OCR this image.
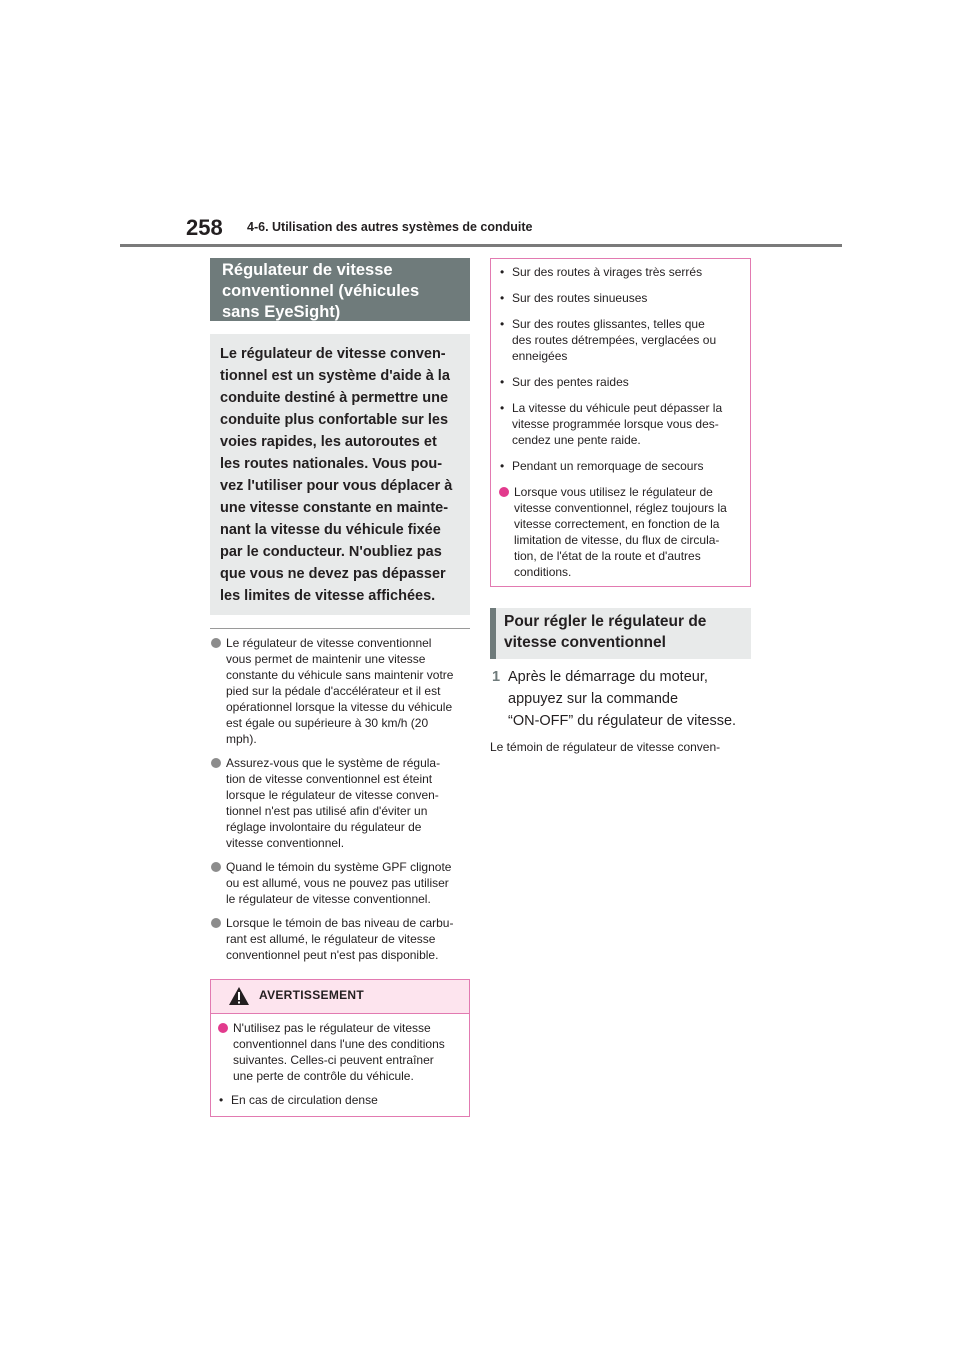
258 4-6. Utilisation des autres systèmes de conduite
Régulateur de vitesse
conventionnel (véhicules
sans EyeSight)
Le régulateur de vitesse conven-
tionnel est un système d'aide à la
conduite destiné à permettre une
conduite plus confortable sur les
voies rapides, les autoroutes et
les routes nationales. Vous pou-
vez l'utiliser pour vous déplacer à
une vitesse constante en mainte-
nant la vitesse du véhicule fixée
par le conducteur. N'oubliez pas
que vous ne devez pas dépasser
les limites de vitesse affichées.
Le régulateur de vitesse conventionnel
vous permet de maintenir une vitesse
constante du véhicule sans maintenir votre
pied sur la pédale d'accélérateur et il est
opérationnel lorsque la vitesse du véhicule
est égale ou supérieure à 30 km/h (20
mph).
Assurez-vous que le système de régula-
tion de vitesse conventionnel est éteint
lorsque le régulateur de vitesse conven-
tionnel n'est pas utilisé afin d'éviter un
réglage involontaire du régulateur de
vitesse conventionnel.
Quand le témoin du système GPF clignote
ou est allumé, vous ne pouvez pas utiliser
le régulateur de vitesse conventionnel.
Lorsque le témoin de bas niveau de carbu-
rant est allumé, le régulateur de vitesse
conventionnel peut n'est pas disponible.
AVERTISSEMENT
N'utilisez pas le régulateur de vitesse
conventionnel dans l'une des conditions
suivantes. Celles-ci peuvent entraîner
une perte de contrôle du véhicule.
• En cas de circulation dense
• Sur des routes à virages très serrés
• Sur des routes sinueuses
• Sur des routes glissantes, telles que
des routes détrempées, verglacées ou
enneigées
• Sur des pentes raides
• La vitesse du véhicule peut dépasser la
vitesse programmée lorsque vous des-
cendez une pente raide.
• Pendant un remorquage de secours
Lorsque vous utilisez le régulateur de
vitesse conventionnel, réglez toujours la
vitesse correctement, en fonction de la
limitation de vitesse, du flux de circula-
tion, de l'état de la route et d'autres
conditions.
Pour régler le régulateur de
vitesse conventionnel
1 Après le démarrage du moteur,
appuyez sur la commande
“ON-OFF” du régulateur de vitesse.
Le témoin de régulateur de vitesse conven-
